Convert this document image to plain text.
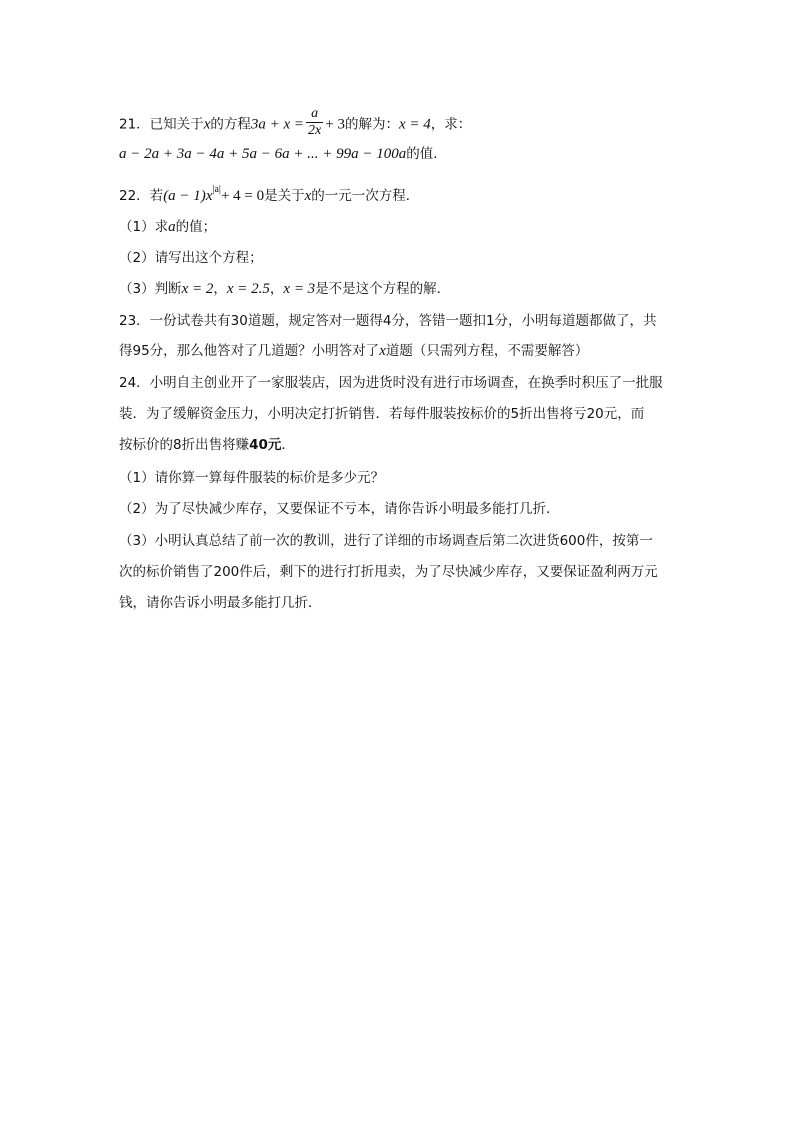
21．已知关于x的方程$3a + x = \frac{a}{2x} + 3$的解为：x = 4，求：
a − 2a + 3a − 4a + 5a − 6a + ... + 99a − 100a的值．
22．若$(a - 1)x^{|a|}+ 4 = 0$是关于x的一元一次方程．
（1）求a的值；
（2）请写出这个方程；
（3）判断x = 2，x = 2.5，x = 3是不是这个方程的解．
23．一份试卷共有30道题，规定答对一题得4分，答错一题扣1分，小明每道题都做了，共
得95分，那么他答对了几道题？小明答对了x道题（只需列方程，不需要解答）
24．小明自主创业开了一家服装店，因为进货时没有进行市场调查，在换季时积压了一批服
装．为了缓解资金压力，小明决定打折销售．若每件服装按标价的5折出售将亏20元，而
按标价的8折出售将赚40元．
（1）请你算一算每件服装的标价是多少元？
（2）为了尽快减少库存，又要保证不亏本，请你告诉小明最多能打几折．
（3）小明认真总结了前一次的教训，进行了详细的市场调查后第二次进货600件，按第一
次的标价销售了200件后，剩下的进行打折甩卖，为了尽快减少库存，又要保证盈利两万元
钱，请你告诉小明最多能打几折．
